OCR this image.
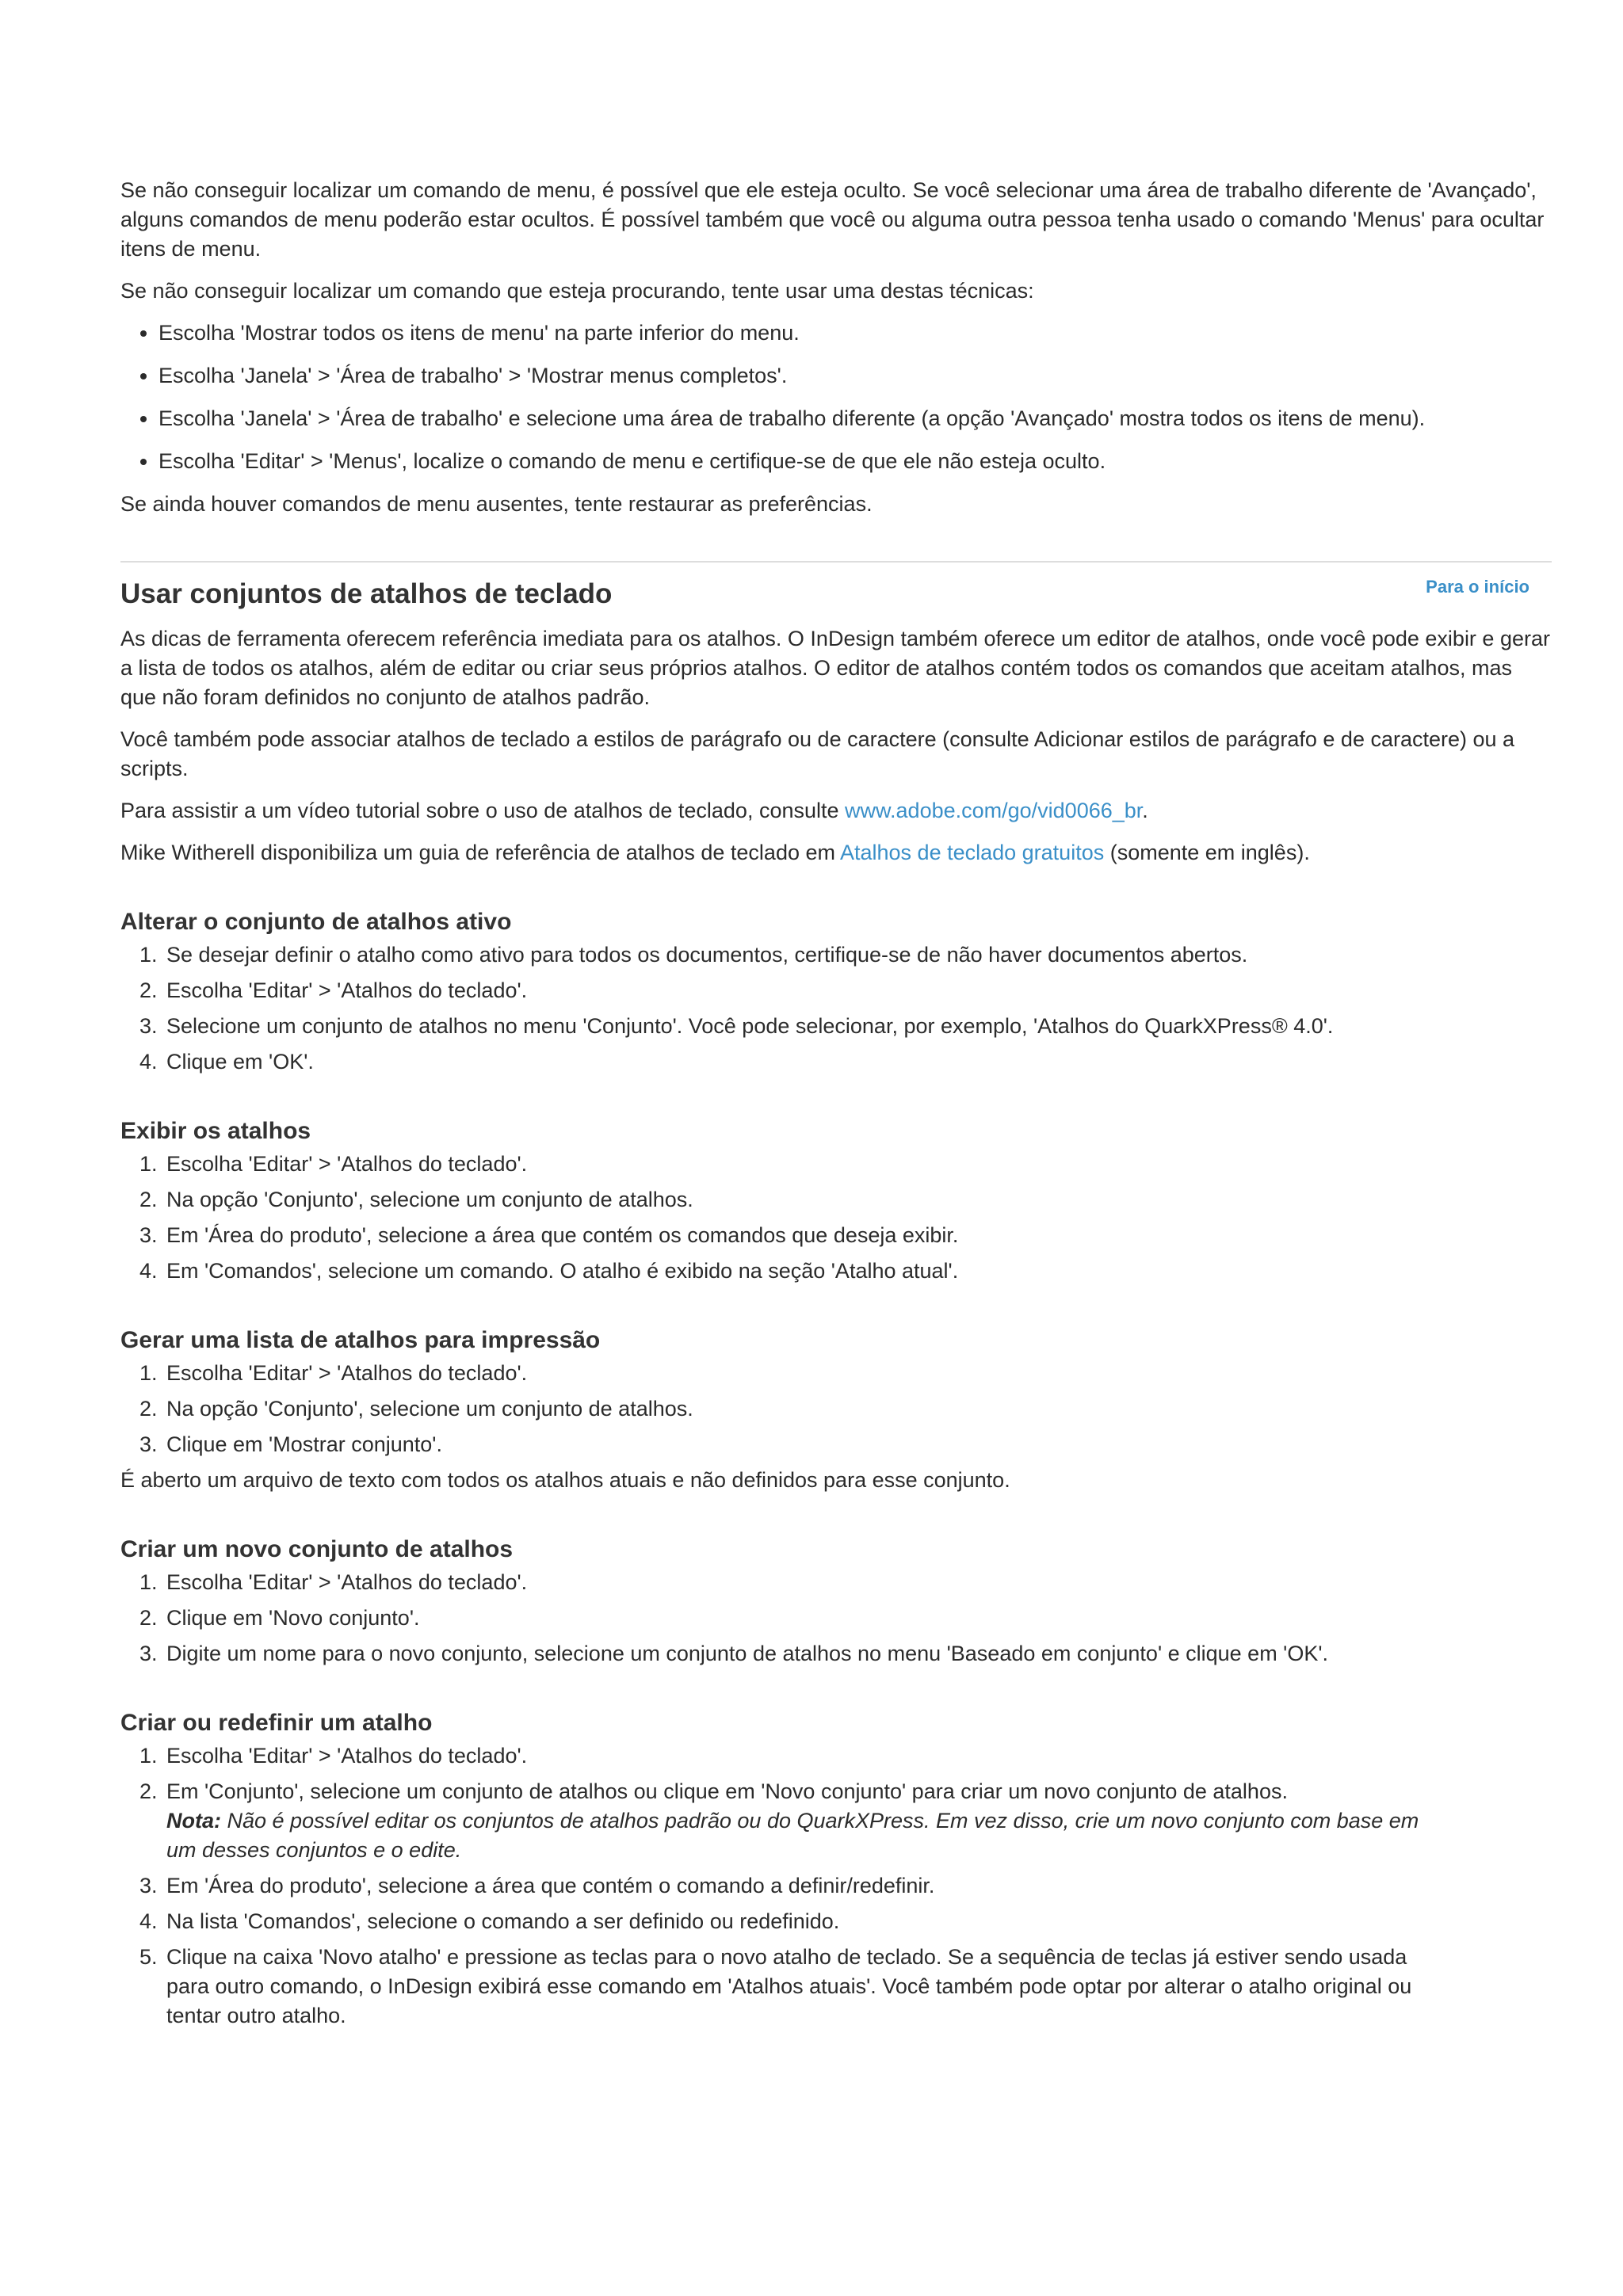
Se não conseguir localizar um comando de menu, é possível que ele esteja oculto. Se você selecionar uma área de trabalho diferente de 'Avançado', alguns comandos de menu poderão estar ocultos. É possível também que você ou alguma outra pessoa tenha usado o comando 'Menus' para ocultar itens de menu.

Se não conseguir localizar um comando que esteja procurando, tente usar uma destas técnicas:

• Escolha 'Mostrar todos os itens de menu' na parte inferior do menu.
• Escolha 'Janela' > 'Área de trabalho' > 'Mostrar menus completos'.
• Escolha 'Janela' > 'Área de trabalho' e selecione uma área de trabalho diferente (a opção 'Avançado' mostra todos os itens de menu).
• Escolha 'Editar' > 'Menus', localize o comando de menu e certifique-se de que ele não esteja oculto.

Se ainda houver comandos de menu ausentes, tente restaurar as preferências.

Para o início
Usar conjuntos de atalhos de teclado

As dicas de ferramenta oferecem referência imediata para os atalhos. O InDesign também oferece um editor de atalhos, onde você pode exibir e gerar a lista de todos os atalhos, além de editar ou criar seus próprios atalhos. O editor de atalhos contém todos os comandos que aceitam atalhos, mas que não foram definidos no conjunto de atalhos padrão.

Você também pode associar atalhos de teclado a estilos de parágrafo ou de caractere (consulte Adicionar estilos de parágrafo e de caractere) ou a scripts.

Para assistir a um vídeo tutorial sobre o uso de atalhos de teclado, consulte www.adobe.com/go/vid0066_br.

Mike Witherell disponibiliza um guia de referência de atalhos de teclado em Atalhos de teclado gratuitos (somente em inglês).

Alterar o conjunto de atalhos ativo
1. Se desejar definir o atalho como ativo para todos os documentos, certifique-se de não haver documentos abertos.
2. Escolha 'Editar' > 'Atalhos do teclado'.
3. Selecione um conjunto de atalhos no menu 'Conjunto'. Você pode selecionar, por exemplo, 'Atalhos do QuarkXPress® 4.0'.
4. Clique em 'OK'.
Exibir os atalhos
1. Escolha 'Editar' > 'Atalhos do teclado'.
2. Na opção 'Conjunto', selecione um conjunto de atalhos.
3. Em 'Área do produto', selecione a área que contém os comandos que deseja exibir.
4. Em 'Comandos', selecione um comando. O atalho é exibido na seção 'Atalho atual'.
Gerar uma lista de atalhos para impressão
1. Escolha 'Editar' > 'Atalhos do teclado'.
2. Na opção 'Conjunto', selecione um conjunto de atalhos.
3. Clique em 'Mostrar conjunto'.

É aberto um arquivo de texto com todos os atalhos atuais e não definidos para esse conjunto.

Criar um novo conjunto de atalhos
1. Escolha 'Editar' > 'Atalhos do teclado'.
2. Clique em 'Novo conjunto'.
3. Digite um nome para o novo conjunto, selecione um conjunto de atalhos no menu 'Baseado em conjunto' e clique em 'OK'.
Criar ou redefinir um atalho
1. Escolha 'Editar' > 'Atalhos do teclado'.
2. Em 'Conjunto', selecione um conjunto de atalhos ou clique em 'Novo conjunto' para criar um novo conjunto de atalhos.
Nota: Não é possível editar os conjuntos de atalhos padrão ou do QuarkXPress. Em vez disso, crie um novo conjunto com base em um desses conjuntos e o edite.
3. Em 'Área do produto', selecione a área que contém o comando a definir/redefinir.
4. Na lista 'Comandos', selecione o comando a ser definido ou redefinido.
5. Clique na caixa 'Novo atalho' e pressione as teclas para o novo atalho de teclado. Se a sequência de teclas já estiver sendo usada para outro comando, o InDesign exibirá esse comando em 'Atalhos atuais'. Você também pode optar por alterar o atalho original ou tentar outro atalho.
